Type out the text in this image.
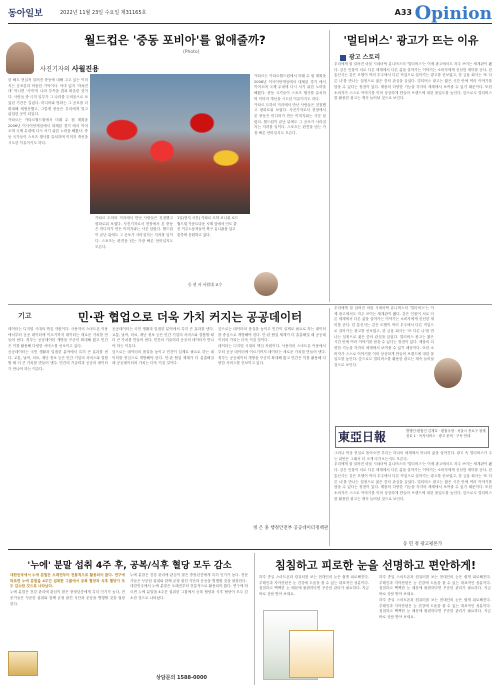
동아일보	2022년 11월 23일 수요일 제31165호	A33 Opinion
월드컵은 '중동 포비아'를 없애줄까?
(Photo)
사진기자의 사월진용

한 해도 현실적 알려진 중동에 대해 고고 있는 이미지는 공포감과 어둠한 기억이다. 아마 넓지 '자폭전대' 아니면 '사막'의 나라 부족을 겹쳐 떠올린 것이다. 사람들 중 극히 일부가 그 나라를 두려움으로 보았던 기간은 길었다. 미디어와 영화는 그 공포를 더 확대해 재생산했고, 그렇게 중동은 우리에게 멀고 위험한 곳이 되었다.

카타르는 카타르월드컵에서 미래 수 원 계획을 2006년 이사이안게임에서 대체된 경기 에서 이어오며 국제 무대에 다시 서기 위한 노력을 해왔다. 중동 국가들이 스포츠 행사를 유치하며 이미지 개선을 시도한 이유이기도 하다.

카타르 도하의 거리에서 만난 사람들은 친절했고 평화로워 보였다. 사진기자로서 현장에서 본 중동은 미디어가 만든 이미지와는 사뭇 달랐다. 월드컵이 끝난 뒤에도 그 공포가 사라질지는 지켜볼 일이다. 스포츠는 편견을 넘는 가장 빠른 언어일지도 모른다.

1일(현지 시간) 카타르 도하 코니쉬 로드 월드컵 카운트다운 시계 앞에서 인도 출신 이주노동자들이 축구 유니폼을 입고 춤추며 응원하고 있다.

카타르는 카타르월드컵에서 미래 수 원 계획을 2006년 이사이안게임에서 대체된 경기 에서 이어오며 국제 무대에 다시 서기 위한 노력을 해왔다. 중동 국가들이 스포츠 행사를 유치하며 이미지 개선을 시도한 이유이기도 하다.

카타르 도하의 거리에서 만난 사람들은 친절했고 평화로워 보였다. 사진기자로서 현장에서 본 중동은 미디어가 만든 이미지와는 사뭇 달랐다. 월드컵이 끝난 뒤에도 그 공포가 사라질지는 지켜볼 일이다. 스포츠는 편견을 넘는 가장 빠른 언어일지도 모른다.

'멀티버스' 광고가 뜨는 이유
광고 스토리

우리에게 잘 알려진 마블 시네마틱 유니버스의 '멀티버스'는 이제 광고에서도 자주 쓰이는 세계관이 됐다. 같은 인물이 서로 다른 세계에서 다른 삶을 살아가는 이야기는 소비자에게 신선한 재미를 준다. 한 통신사는 같은 모델이 여러 우주에서 다른 직업으로 살아가는 광고를 선보였고, 한 금융 회사는 '또 다른 나'를 만나는 설정으로 젊은 층의 관심을 끌었다. 멀티버스 광고는 짧은 시간 안에 여러 이야기를 담을 수 있다는 장점이 있다. 제품의 다양한 기능을 각각의 세계에서 보여줄 수 있기 때문이다. 또한 소비자가 스스로 이야기를 이어 상상하게 만들어 브랜드에 대한 몰입도를 높인다. 앞으로도 멀티버스를 활용한 광고는 계속 늘어날 것으로 보인다.

동 현 자 서원대 교수
기고	민·관 협업으로 더욱 가치 커지는 공공데이터

데이터는 디지털 시대의 핵심 자원이다. 사용자의 스마트폰 이용에서부터 공공 데이터에 이르기까지 데이터는 새로운 가치를 만들어 낸다. 정부는 공공데이터 개방을 꾸준히 확대해 왔고 민간은 이를 활용해 다양한 서비스를 선보이고 있다.

공공데이터는 국민 생활과 밀접한 분야에서 특히 큰 효과를 낸다. 교통, 날씨, 의료, 재난 정보 등은 민간 기업의 서비스와 결합할 때 더 큰 가치를 만들어 낸다. 민간의 기술력과 공공의 데이터가 만나야 하는 이유다.

공공데이터는 국민 생활과 밀접한 분야에서 특히 큰 효과를 낸다. 교통, 날씨, 의료, 재난 정보 등은 민간 기업의 서비스와 결합할 때 더 큰 가치를 만들어 낸다. 민간의 기술력과 공공의 데이터가 만나야 하는 이유다.

앞으로는 데이터의 품질을 높이고 민간이 실제로 필요로 하는 데이터를 중심으로 개방해야 한다. 민·관 협업 체계가 더 촘촘해질 때 공공데이터의 가치는 더욱 커질 것이다.

앞으로는 데이터의 품질을 높이고 민간이 실제로 필요로 하는 데이터를 중심으로 개방해야 한다. 민·관 협업 체계가 더 촘촘해질 때 공공데이터의 가치는 더욱 커질 것이다.

데이터는 디지털 시대의 핵심 자원이다. 사용자의 스마트폰 이용에서부터 공공 데이터에 이르기까지 데이터는 새로운 가치를 만들어 낸다. 정부는 공공데이터 개방을 꾸준히 확대해 왔고 민간은 이를 활용해 다양한 서비스를 선보이고 있다.

정 은 홍 행정안전부 공공데이터정책관

우리에게 잘 알려진 마블 시네마틱 유니버스의 '멀티버스'는 이제 광고에서도 자주 쓰이는 세계관이 됐다. 같은 인물이 서로 다른 세계에서 다른 삶을 살아가는 이야기는 소비자에게 신선한 재미를 준다. 한 통신사는 같은 모델이 여러 우주에서 다른 직업으로 살아가는 광고를 선보였고, 한 금융 회사는 '또 다른 나'를 만나는 설정으로 젊은 층의 관심을 끌었다. 멀티버스 광고는 짧은 시간 안에 여러 이야기를 담을 수 있다는 장점이 있다. 제품의 다양한 기능을 각각의 세계에서 보여줄 수 있기 때문이다. 또한 소비자가 스스로 이야기를 이어 상상하게 만들어 브랜드에 대한 몰입도를 높인다. 앞으로도 멀티버스를 활용한 광고는 계속 늘어날 것으로 보인다.

東亞日報	발행인·편집인 김재호 · 편집국장 · 서울시 종로구 청계천로 1 · 독자서비스 · 광고 문의 · 구독 안내

그러나 막상 현실로 돌아오면 우리는 하나의 세계에서 하나의 삶을 살아간다. 광고 속 멀티버스가 주는 위안은 그래서 더 크게 다가오는지도 모른다.

우리에게 잘 알려진 마블 시네마틱 유니버스의 '멀티버스'는 이제 광고에서도 자주 쓰이는 세계관이 됐다. 같은 인물이 서로 다른 세계에서 다른 삶을 살아가는 이야기는 소비자에게 신선한 재미를 준다. 한 통신사는 같은 모델이 여러 우주에서 다른 직업으로 살아가는 광고를 선보였고, 한 금융 회사는 '또 다른 나'를 만나는 설정으로 젊은 층의 관심을 끌었다. 멀티버스 광고는 짧은 시간 안에 여러 이야기를 담을 수 있다는 장점이 있다. 제품의 다양한 기능을 각각의 세계에서 보여줄 수 있기 때문이다. 또한 소비자가 스스로 이야기를 이어 상상하게 만들어 브랜드에 대한 몰입도를 높인다. 앞으로도 멀티버스를 활용한 광고는 계속 늘어날 것으로 보인다.

동 민 정 광고평론가
'누에' 분말 섭취 4주 후, 공복/식후 혈당 모두 감소

대한민국에서 누에 분말은 오래전부터 전통적으로 활용되어 왔다. 연구에 따르면 누에 분말을 4주간 섭취한 그룹에서 공복 혈당과 식후 혈당이 모두 감소한 것으로 나타났다.

누에 분말은 건강 관리에 관심이 많은 중장년층에게 특히 인기가 높다. 전문가들은 꾸준한 섭취와 함께 균형 잡힌 식단과 운동을 병행할 것을 권장한다.

누에 분말은 건강 관리에 관심이 많은 중장년층에게 특히 인기가 높다. 전문가들은 꾸준한 섭취와 함께 균형 잡힌 식단과 운동을 병행할 것을 권장한다.

대한민국에서 누에 분말은 오래전부터 전통적으로 활용되어 왔다. 연구에 따르면 누에 분말을 4주간 섭취한 그룹에서 공복 혈당과 식후 혈당이 모두 감소한 것으로 나타났다.

상담문의 1588-0000
침침하고 피로한 눈을 선명하고 편안하게!

하루 종일 스마트폰과 컴퓨터를 보는 현대인의 눈은 쉽게 피로해진다. 루테인과 지아잔틴은 눈 건강에 도움을 줄 수 있는 대표적인 성분이다. 침침하고 뻑뻑한 눈 때문에 불편하다면 꾸준한 관리가 필요하다. 지금 바로 상담 받아 보세요.

하루 종일 스마트폰과 컴퓨터를 보는 현대인의 눈은 쉽게 피로해진다. 루테인과 지아잔틴은 눈 건강에 도움을 줄 수 있는 대표적인 성분이다. 침침하고 뻑뻑한 눈 때문에 불편하다면 꾸준한 관리가 필요하다. 지금 바로 상담 받아 보세요.

하루 종일 스마트폰과 컴퓨터를 보는 현대인의 눈은 쉽게 피로해진다. 루테인과 지아잔틴은 눈 건강에 도움을 줄 수 있는 대표적인 성분이다. 침침하고 뻑뻑한 눈 때문에 불편하다면 꾸준한 관리가 필요하다. 지금 바로 상담 받아 보세요.
